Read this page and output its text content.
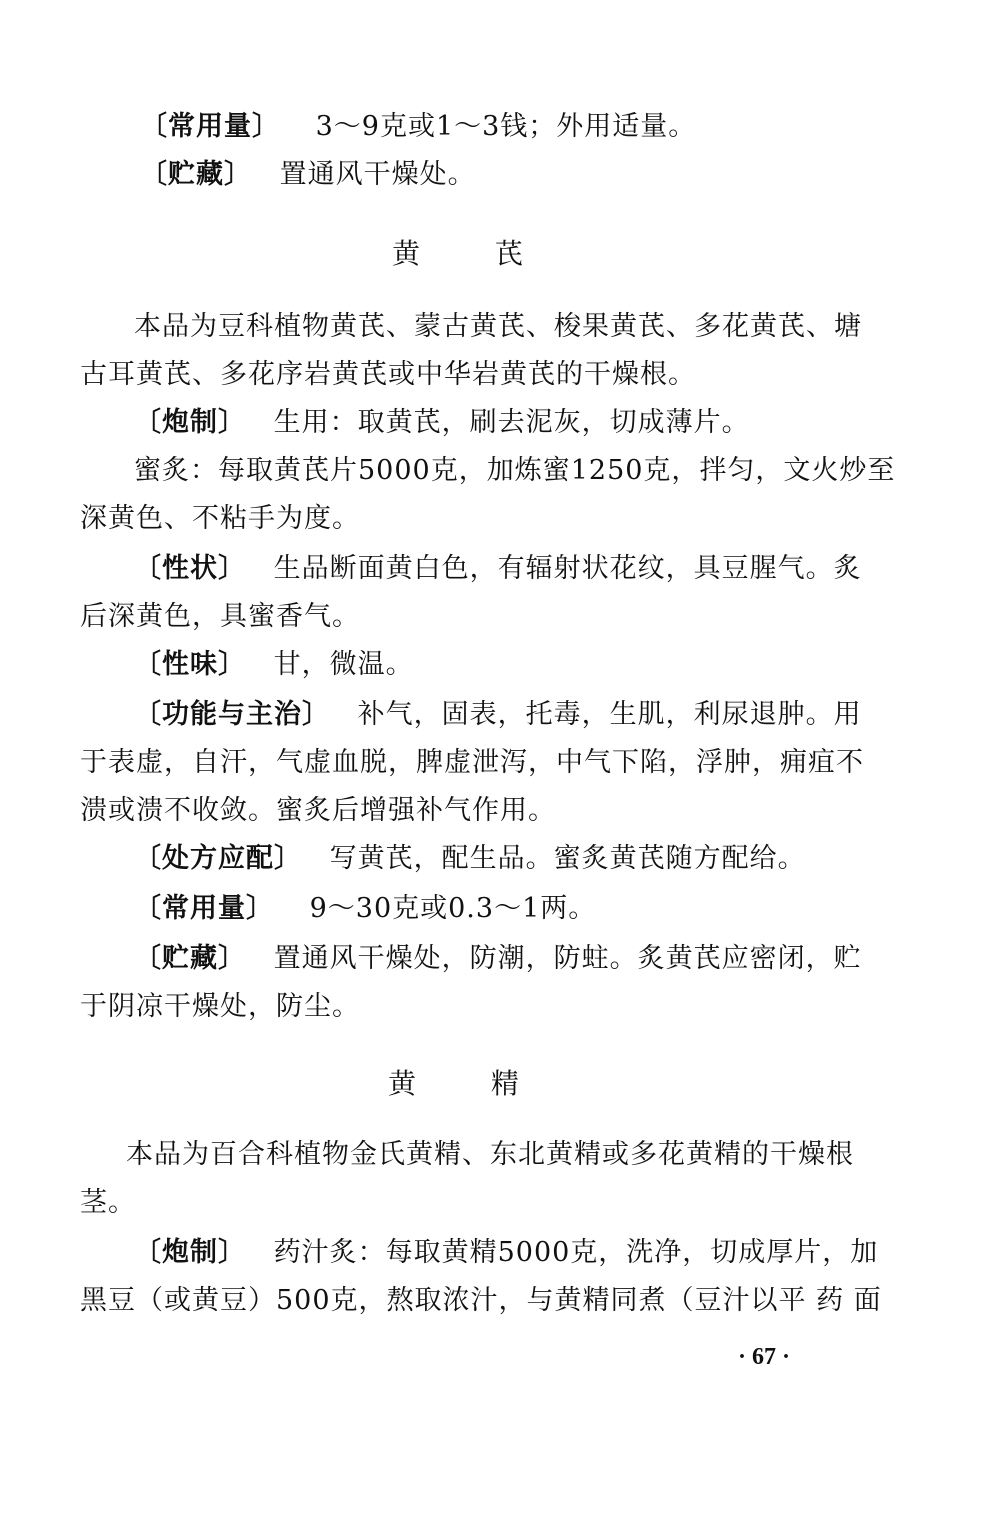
〔常用量〕 3～9克或1～3钱；外用适量。
〔贮藏〕 置通风干燥处。
黄	芪
本品为豆科植物黄芪、蒙古黄芪、梭果黄芪、多花黄芪、塘
古耳黄芪、多花序岩黄芪或中华岩黄芪的干燥根。
〔炮制〕 生用：取黄芪，刷去泥灰，切成薄片。
蜜炙：每取黄芪片5000克，加炼蜜1250克，拌匀，文火炒至
深黄色、不粘手为度。
〔性状〕 生品断面黄白色，有辐射状花纹，具豆腥气。炙
后深黄色，具蜜香气。
〔性味〕 甘，微温。
〔功能与主治〕 补气，固表，托毒，生肌，利尿退肿。用
于表虚，自汗，气虚血脱，脾虚泄泻，中气下陷，浮肿，痈疽不
溃或溃不收敛。蜜炙后增强补气作用。
〔处方应配〕 写黄芪，配生品。蜜炙黄芪随方配给。
〔常用量〕 9～30克或0.3～1两。
〔贮藏〕 置通风干燥处，防潮，防蛀。炙黄芪应密闭，贮
于阴凉干燥处，防尘。
黄	精
本品为百合科植物金氏黄精、东北黄精或多花黄精的干燥根
茎。
〔炮制〕 药汁炙：每取黄精5000克，洗净，切成厚片，加
黑豆（或黄豆）500克，熬取浓汁，与黄精同煮（豆汁以平 药 面
· 67 ·
